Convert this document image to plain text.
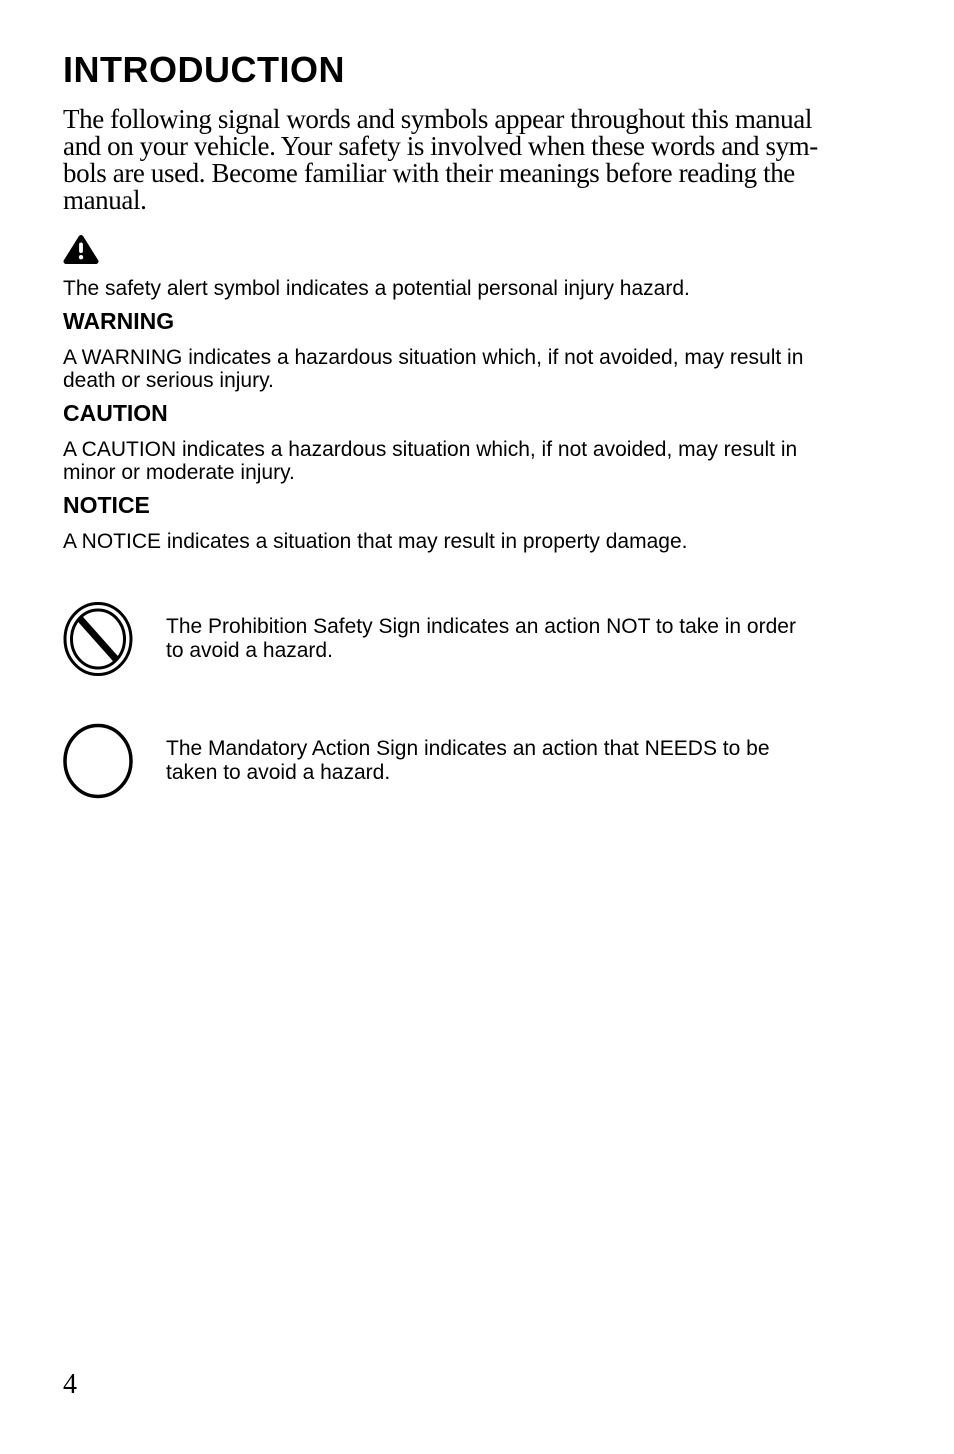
INTRODUCTION

The following signal words and symbols appear throughout this manual
and on your vehicle. Your safety is involved when these words and sym-
bols are used. Become familiar with their meanings before reading the
manual.

The safety alert symbol indicates a potential personal injury hazard.

WARNING

A WARNING indicates a hazardous situation which, if not avoided, may result in
death or serious injury.

CAUTION

A CAUTION indicates a hazardous situation which, if not avoided, may result in
minor or moderate injury.

NOTICE

A NOTICE indicates a situation that may result in property damage.

The Prohibition Safety Sign indicates an action NOT to take in order
to avoid a hazard.

The Mandatory Action Sign indicates an action that NEEDS to be
taken to avoid a hazard.

4
